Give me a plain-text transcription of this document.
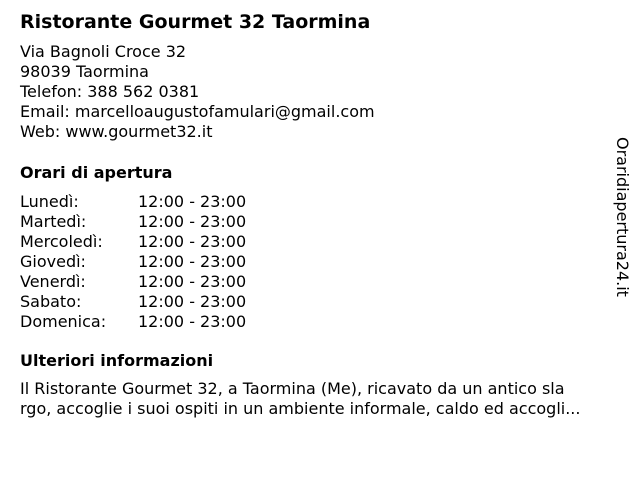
Ristorante Gourmet 32 Taormina
Via Bagnoli Croce 32
98039 Taormina
Telefon: 388 562 0381
Email: marcelloaugustofamulari@gmail.com
Web: www.gourmet32.it
Orari di apertura
Lunedì:	12:00 - 23:00
Martedì:	12:00 - 23:00
Mercoledì:	12:00 - 23:00
Giovedì:	12:00 - 23:00
Venerdì:	12:00 - 23:00
Sabato:	12:00 - 23:00
Domenica:	12:00 - 23:00
Ulteriori informazioni
Il Ristorante Gourmet 32, a Taormina (Me), ricavato da un antico sla
rgo, accoglie i suoi ospiti in un ambiente informale, caldo ed accogli...
Oraridiapertura24.it
